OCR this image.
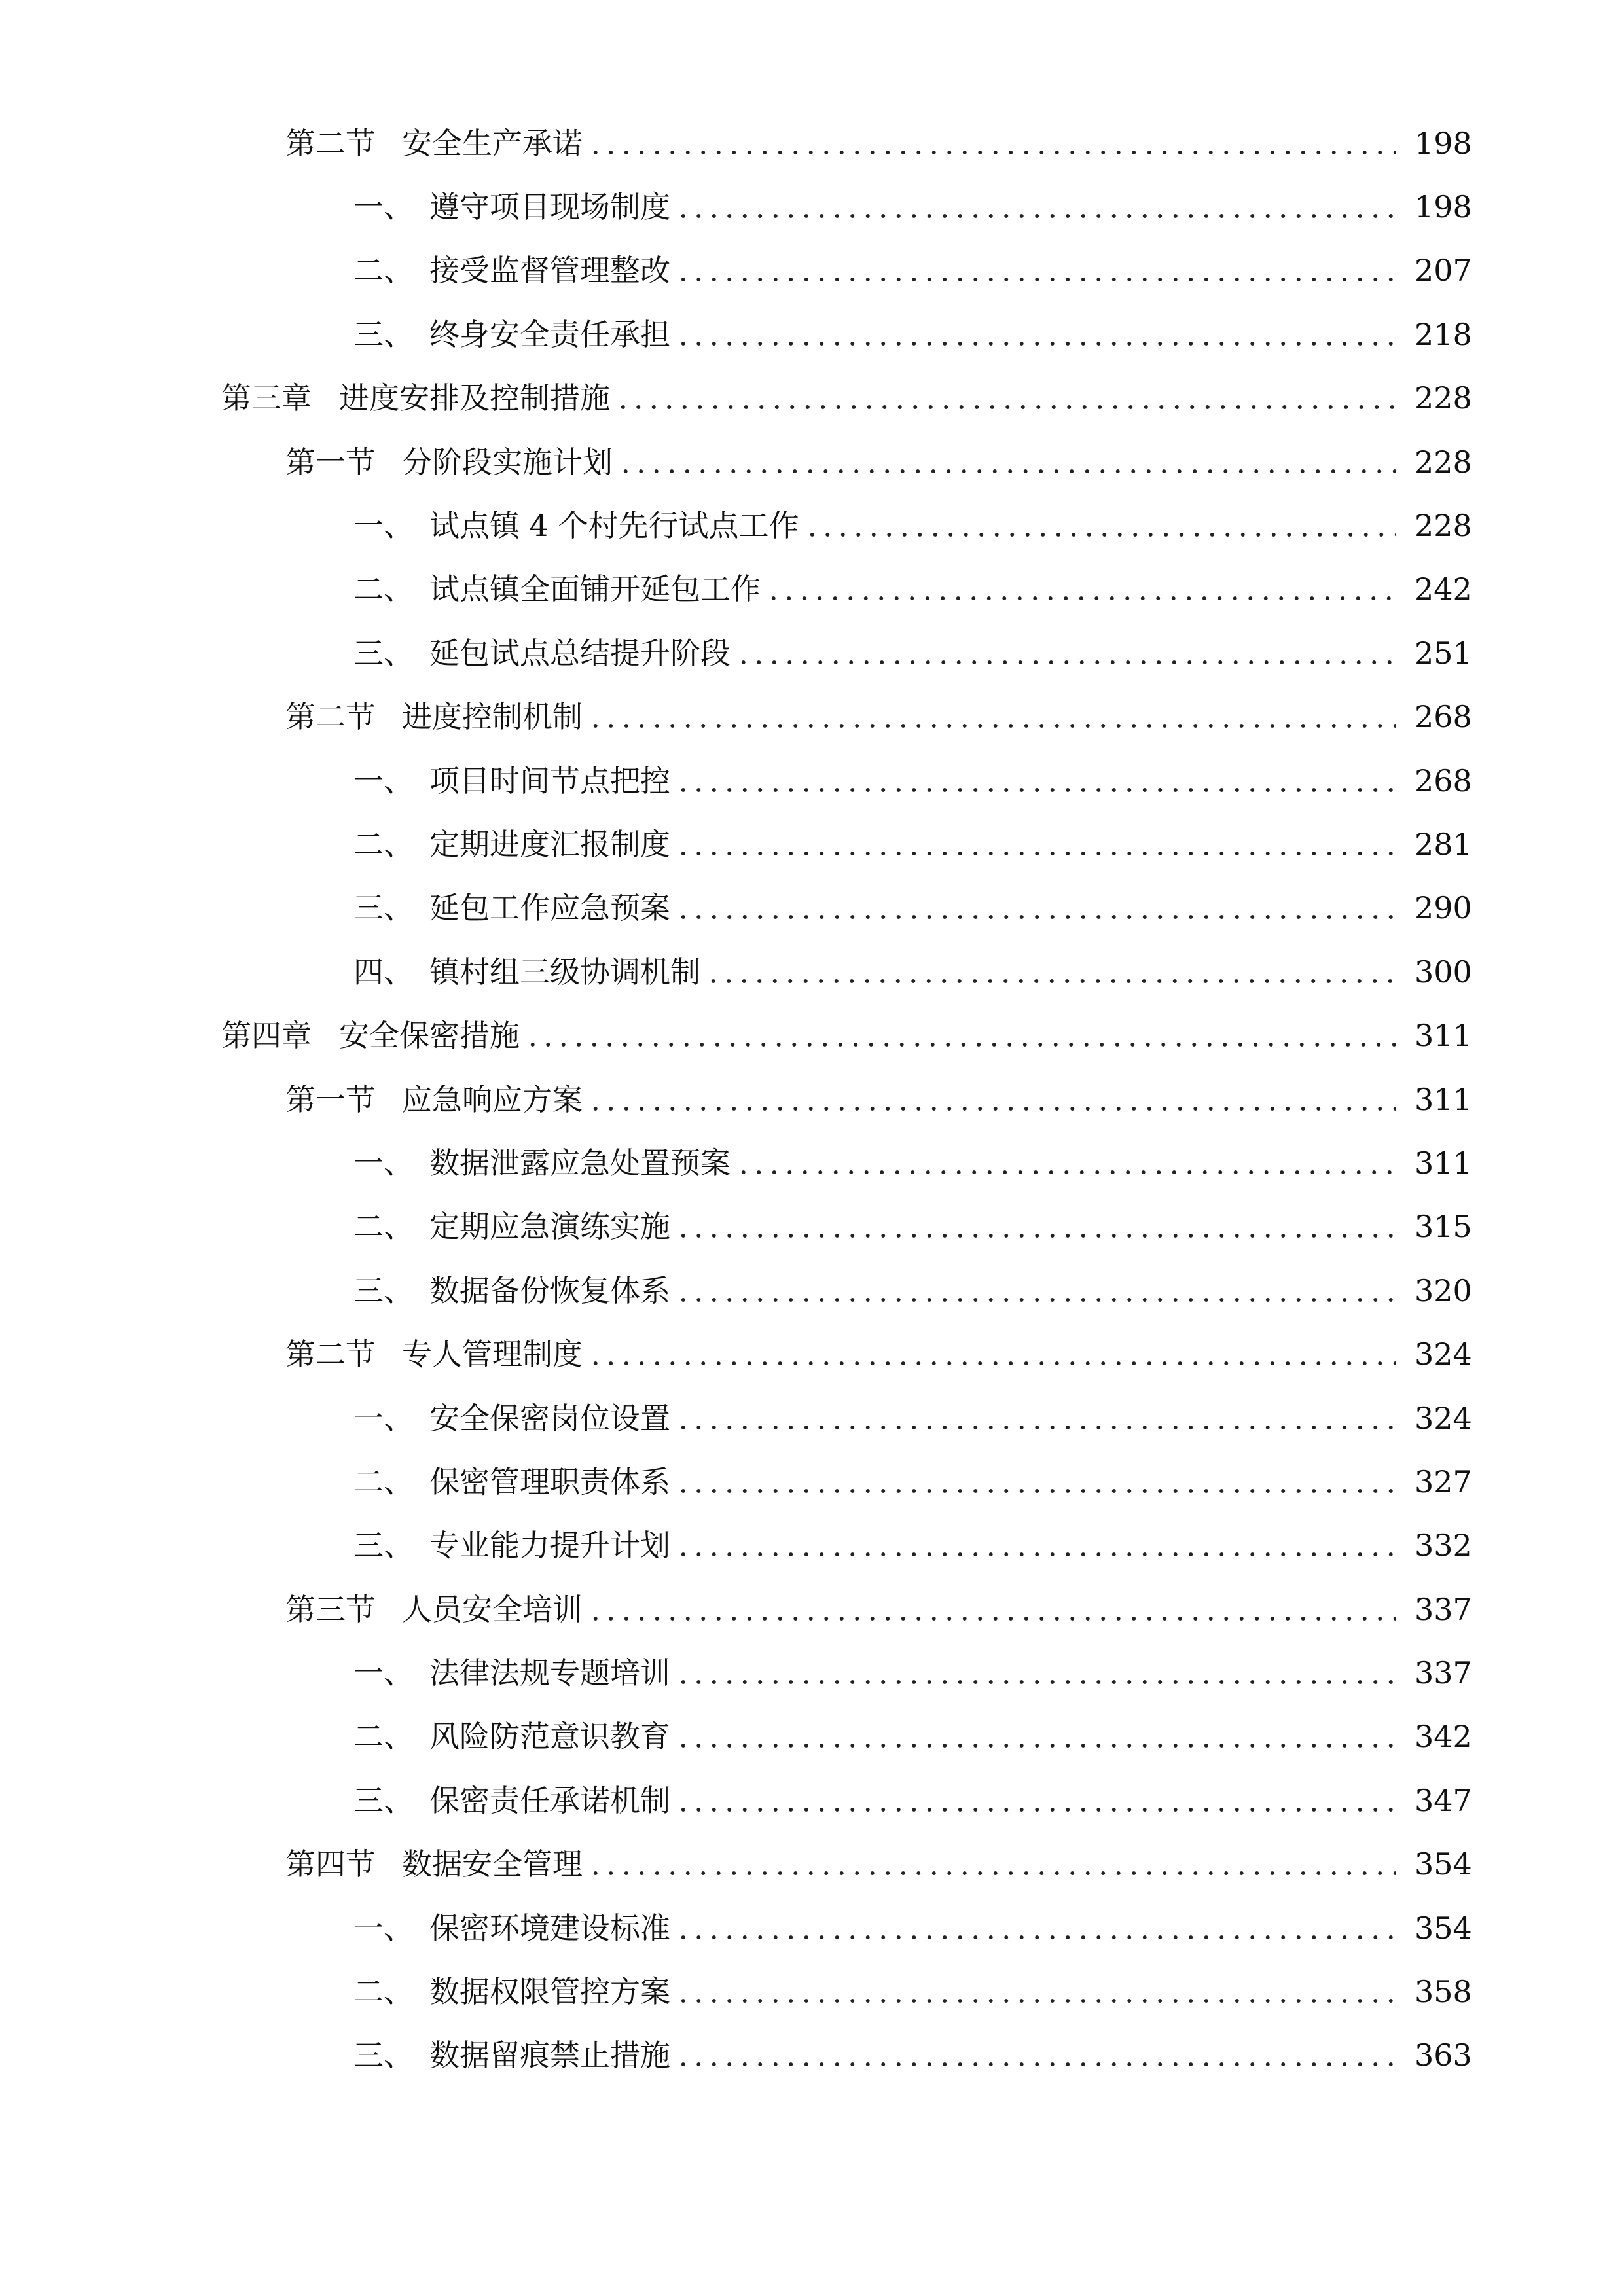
第二节 安全生产承诺	198
一、 遵守项目现场制度	198
二、 接受监督管理整改	207
三、 终身安全责任承担	218
第三章 进度安排及控制措施	228
第一节 分阶段实施计划	228
一、 试点镇 4 个村先行试点工作	228
二、 试点镇全面铺开延包工作	242
三、 延包试点总结提升阶段	251
第二节 进度控制机制	268
一、 项目时间节点把控	268
二、 定期进度汇报制度	281
三、 延包工作应急预案	290
四、 镇村组三级协调机制	300
第四章 安全保密措施	311
第一节 应急响应方案	311
一、 数据泄露应急处置预案	311
二、 定期应急演练实施	315
三、 数据备份恢复体系	320
第二节 专人管理制度	324
一、 安全保密岗位设置	324
二、 保密管理职责体系	327
三、 专业能力提升计划	332
第三节 人员安全培训	337
一、 法律法规专题培训	337
二、 风险防范意识教育	342
三、 保密责任承诺机制	347
第四节 数据安全管理	354
一、 保密环境建设标准	354
二、 数据权限管控方案	358
三、 数据留痕禁止措施	363
